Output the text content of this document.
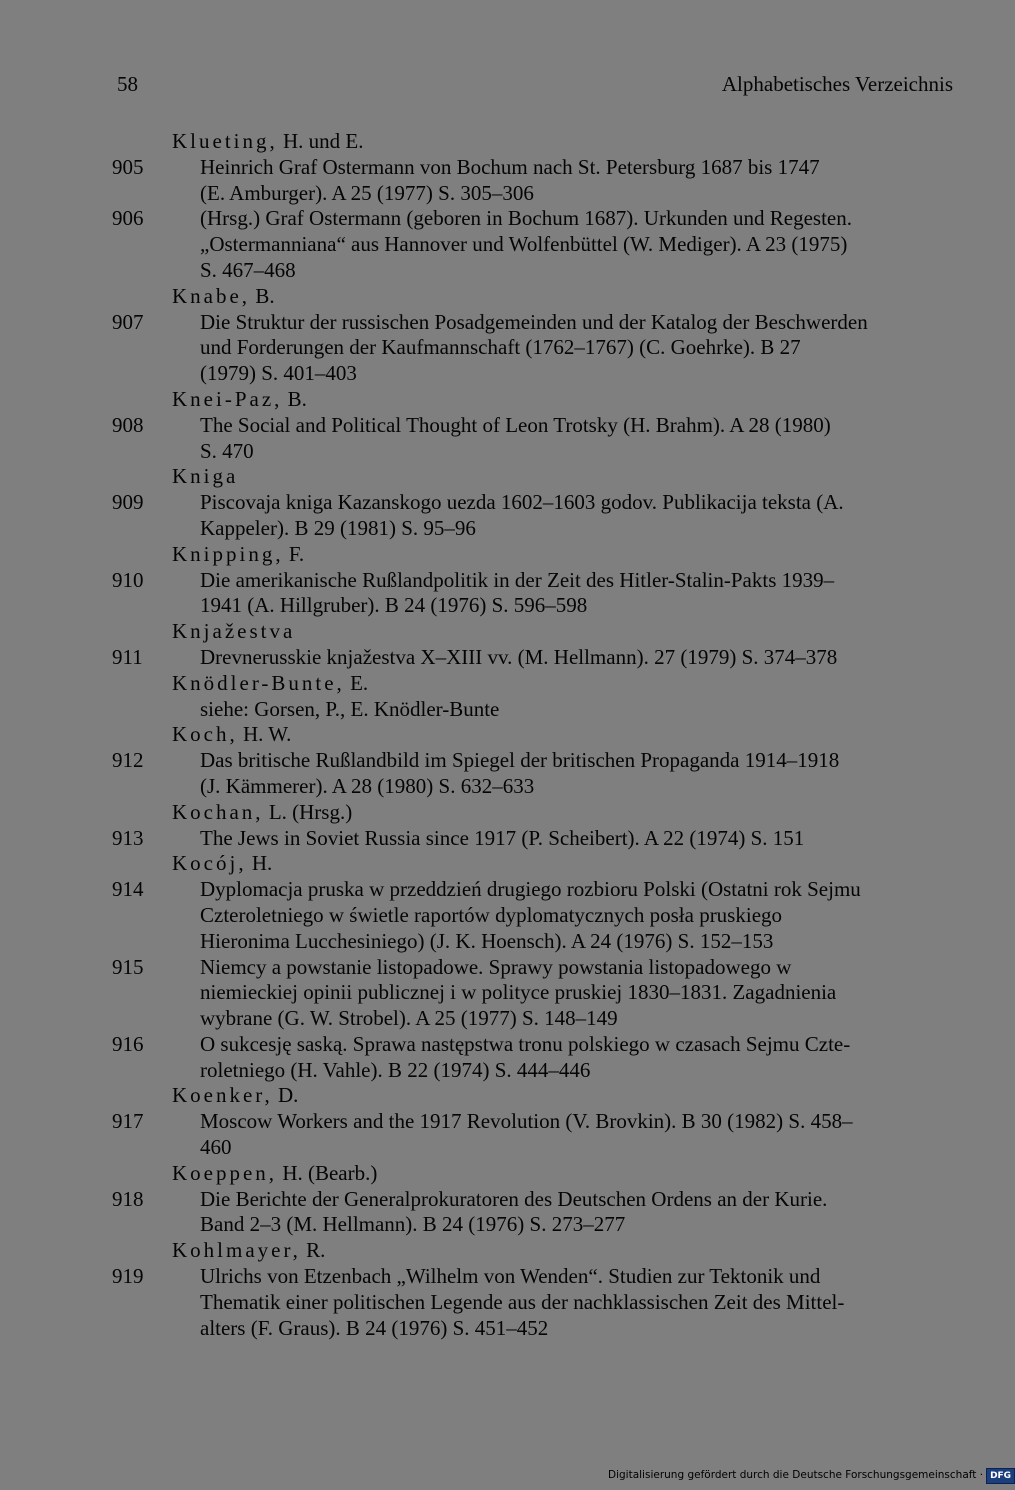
58	Alphabetisches Verzeichnis
Klueting, H. und E.
905	Heinrich Graf Ostermann von Bochum nach St. Petersburg 1687 bis 1747
(E. Amburger). A 25 (1977) S. 305–306
906	(Hrsg.) Graf Ostermann (geboren in Bochum 1687). Urkunden und Regesten.
„Ostermanniana“ aus Hannover und Wolfenbüttel (W. Mediger). A 23 (1975)
S. 467–468
Knabe, B.
907	Die Struktur der russischen Posadgemeinden und der Katalog der Beschwerden
und Forderungen der Kaufmannschaft (1762–1767) (C. Goehrke). B 27
(1979) S. 401–403
Knei-Paz, B.
908	The Social and Political Thought of Leon Trotsky (H. Brahm). A 28 (1980)
S. 470
Kniga
909	Piscovaja kniga Kazanskogo uezda 1602–1603 godov. Publikacija teksta (A.
Kappeler). B 29 (1981) S. 95–96
Knipping, F.
910	Die amerikanische Rußlandpolitik in der Zeit des Hitler-Stalin-Pakts 1939–
1941 (A. Hillgruber). B 24 (1976) S. 596–598
Knjažestva
911	Drevnerusskie knjažestva X–XIII vv. (M. Hellmann). 27 (1979) S. 374–378
Knödler-Bunte, E.
siehe: Gorsen, P., E. Knödler-Bunte
Koch, H. W.
912	Das britische Rußlandbild im Spiegel der britischen Propaganda 1914–1918
(J. Kämmerer). A 28 (1980) S. 632–633
Kochan, L. (Hrsg.)
913	The Jews in Soviet Russia since 1917 (P. Scheibert). A 22 (1974) S. 151
Kocój, H.
914	Dyplomacja pruska w przeddzień drugiego rozbioru Polski (Ostatni rok Sejmu
Czteroletniego w świetle raportów dyplomatycznych posła pruskiego
Hieronima Lucchesiniego) (J. K. Hoensch). A 24 (1976) S. 152–153
915	Niemcy a powstanie listopadowe. Sprawy powstania listopadowego w
niemieckiej opinii publicznej i w polityce pruskiej 1830–1831. Zagadnienia
wybrane (G. W. Strobel). A 25 (1977) S. 148–149
916	O sukcesję saską. Sprawa następstwa tronu polskiego w czasach Sejmu Czte-
roletniego (H. Vahle). B 22 (1974) S. 444–446
Koenker, D.
917	Moscow Workers and the 1917 Revolution (V. Brovkin). B 30 (1982) S. 458–
460
Koeppen, H. (Bearb.)
918	Die Berichte der Generalprokuratoren des Deutschen Ordens an der Kurie.
Band 2–3 (M. Hellmann). B 24 (1976) S. 273–277
Kohlmayer, R.
919	Ulrichs von Etzenbach „Wilhelm von Wenden“. Studien zur Tektonik und
Thematik einer politischen Legende aus der nachklassischen Zeit des Mittel-
alters (F. Graus). B 24 (1976) S. 451–452
Digitalisierung gefördert durch die Deutsche Forschungsgemeinschaft · DFG
